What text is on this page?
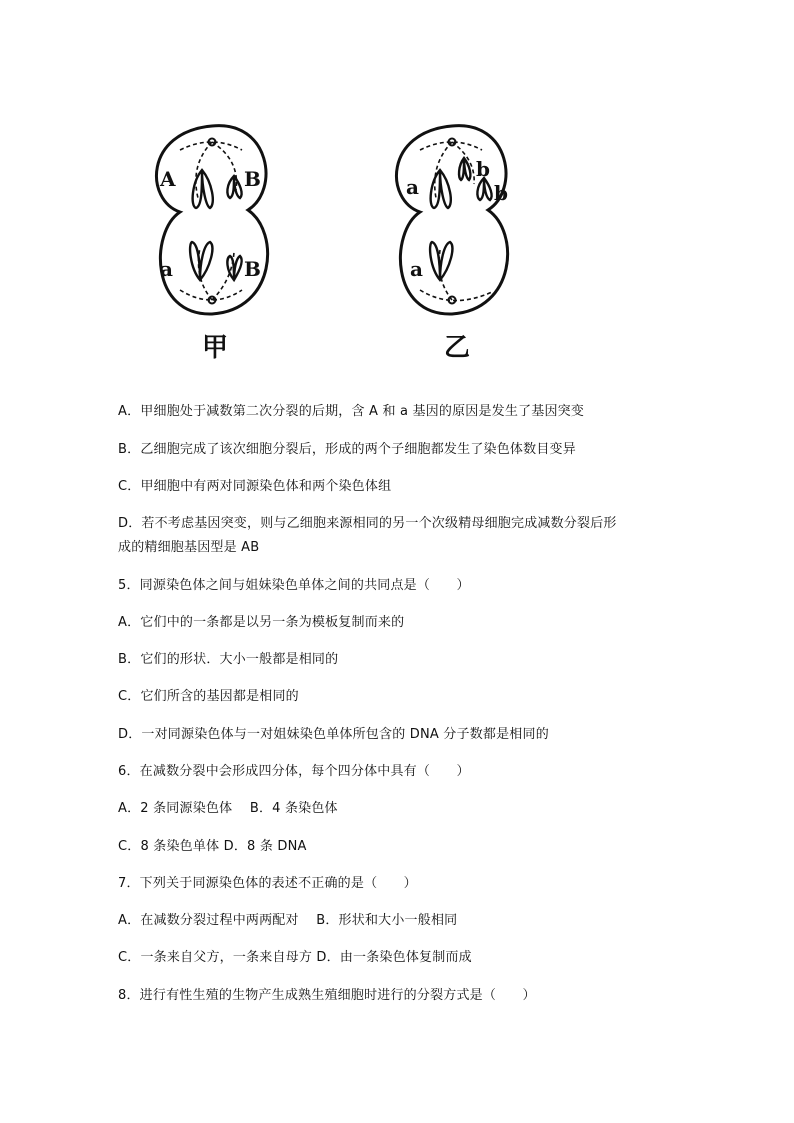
A	B
a	B
甲
a
b
b
a
乙
A．甲细胞处于减数第二次分裂的后期，含 A 和 a 基因的原因是发生了基因突变
B．乙细胞完成了该次细胞分裂后，形成的两个子细胞都发生了染色体数目变异
C．甲细胞中有两对同源染色体和两个染色体组
D．若不考虑基因突变，则与乙细胞来源相同的另一个次级精母细胞完成减数分裂后形
成的精细胞基因型是 AB
5．同源染色体之间与姐妹染色单体之间的共同点是（　　）
A．它们中的一条都是以另一条为模板复制而来的
B．它们的形状．大小一般都是相同的
C．它们所含的基因都是相同的
D．一对同源染色体与一对姐妹染色单体所包含的 DNA 分子数都是相同的
6．在减数分裂中会形成四分体，每个四分体中具有（　　）
A．2 条同源染色体　 B．4 条染色体
C．8 条染色单体 D．8 条 DNA
7．下列关于同源染色体的表述不正确的是（　　）
A．在减数分裂过程中两两配对　 B．形状和大小一般相同
C．一条来自父方，一条来自母方 D．由一条染色体复制而成
8．进行有性生殖的生物产生成熟生殖细胞时进行的分裂方式是（　　）
